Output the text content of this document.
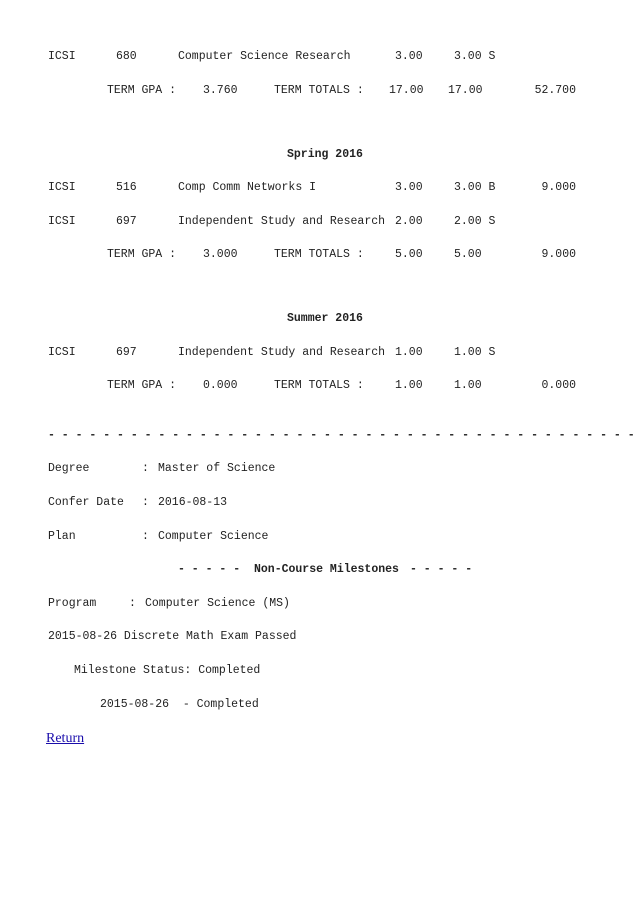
ICSI	680	Computer Science Research	3.00	3.00 S
TERM GPA : 3.760	TERM TOTALS : 17.00 17.00	52.700
Spring 2016
ICSI	516	Comp Comm Networks I	3.00	3.00 B	9.000
ICSI	697	Independent Study and Research 2.00	2.00 S
TERM GPA : 3.000	TERM TOTALS :	5.00	5.00	9.000
Summer 2016
ICSI	697	Independent Study and Research 1.00	1.00 S
TERM GPA : 0.000	TERM TOTALS :	1.00	1.00	0.000
- - - - - - - - - - - - - - - - - - - - - - - - - - - - - - - - - - - - - - - - - - -
Degree	: Master of Science
Confer Date : 2016-08-13
Plan	: Computer Science
- - - - - Non-Course Milestones - - - - -
Program	: Computer Science (MS)
2015-08-26 Discrete Math Exam Passed
Milestone Status: Completed
2015-08-26  - Completed
Return
